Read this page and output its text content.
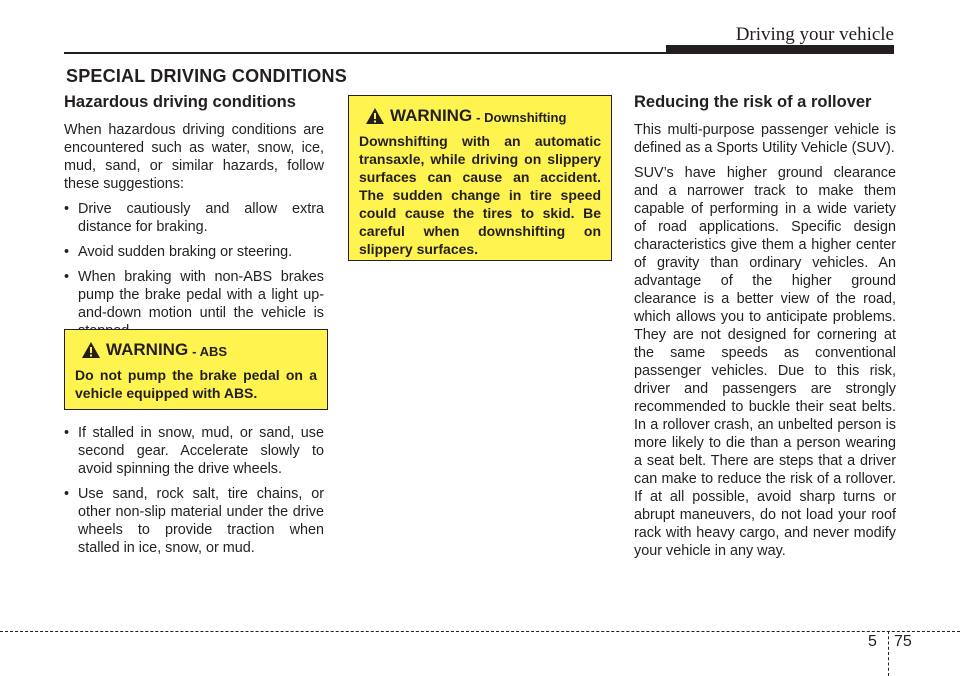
Driving your vehicle
SPECIAL DRIVING CONDITIONS
Hazardous driving conditions

When hazardous driving conditions are encountered such as water, snow, ice, mud, sand, or similar hazards, follow these suggestions:

• Drive cautiously and allow extra distance for braking.
• Avoid sudden braking or steering.
• When braking with non-ABS brakes pump the brake pedal with a light up-and-down motion until the vehicle is
WARNING - ABS
Do not pump the brake pedal on a vehicle equipped with ABS.
• If stalled in snow, mud, or sand, use second gear. Accelerate slowly to avoid spinning the drive wheels.
• Use sand, rock salt, tire chains, or other non-slip material under the drive wheels to provide traction when stalled in ice, snow, or mud.
WARNING - Downshifting
Downshifting with an automatic transaxle, while driving on slippery surfaces can cause an accident. The sudden change in tire speed could cause the tires to skid. Be careful when downshifting on slippery surfaces.
Reducing the risk of a rollover

This multi-purpose passenger vehicle is defined as a Sports Utility Vehicle (SUV).

SUV’s have higher ground clearance and a narrower track to make them capable of performing in a wide variety of road applications. Specific design characteristics give them a higher center of gravity than ordinary vehicles. An advantage of the higher ground clearance is a better view of the road, which allows you to anticipate problems. They are not designed for cornering at the same speeds as conventional passenger vehicles. Due to this risk, driver and passengers are strongly recommended to buckle their seat belts. In a rollover crash, an unbelted person is more likely to die than a person wearing a seat belt. There are steps that a driver can make to reduce the risk of a rollover. If at all possible, avoid sharp turns or abrupt maneuvers, do not load your roof rack with heavy cargo, and never modify your vehicle in any way.

5 75
